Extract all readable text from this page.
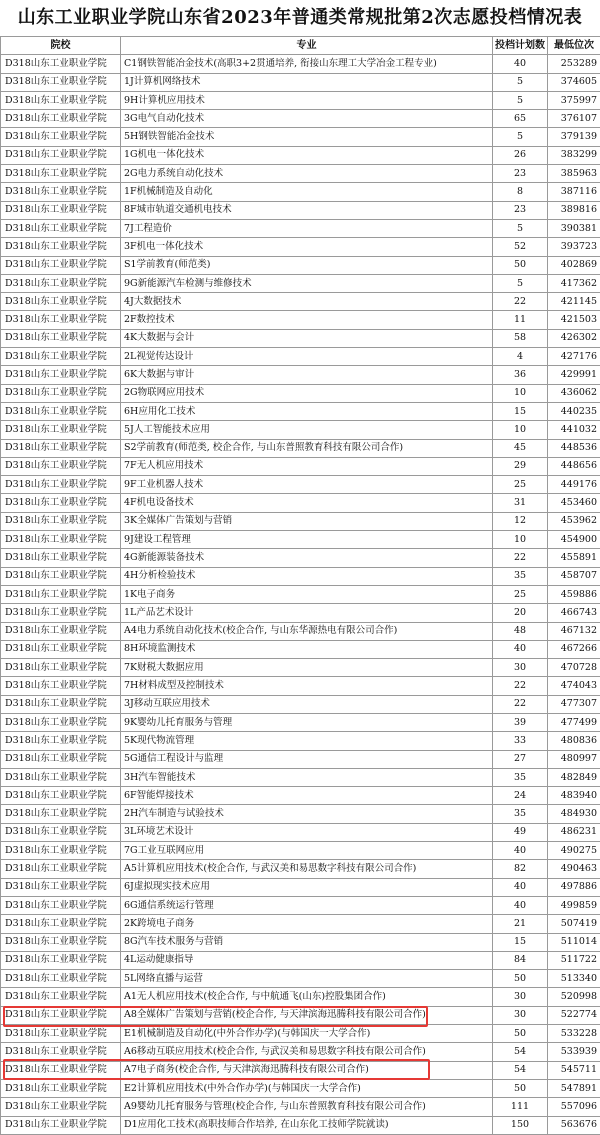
山东工业职业学院山东省2023年普通类常规批第2次志愿投档情况表
院校	专业	投档计划数	最低位次
D318山东工业职业学院	C1钢铁智能冶金技术(高职3+2贯通培养, 衔接山东理工大学冶金工程专业)	40	253289
D318山东工业职业学院	1J计算机网络技术	5	374605
D318山东工业职业学院	9H计算机应用技术	5	375997
D318山东工业职业学院	3G电气自动化技术	65	376107
D318山东工业职业学院	5H钢铁智能冶金技术	5	379139
D318山东工业职业学院	1G机电一体化技术	26	383299
D318山东工业职业学院	2G电力系统自动化技术	23	385963
D318山东工业职业学院	1F机械制造及自动化	8	387116
D318山东工业职业学院	8F城市轨道交通机电技术	23	389816
D318山东工业职业学院	7J工程造价	5	390381
D318山东工业职业学院	3F机电一体化技术	52	393723
D318山东工业职业学院	S1学前教育(师范类)	50	402869
D318山东工业职业学院	9G新能源汽车检测与维修技术	5	417362
D318山东工业职业学院	4J大数据技术	22	421145
D318山东工业职业学院	2F数控技术	11	421503
D318山东工业职业学院	4K大数据与会计	58	426302
D318山东工业职业学院	2L视觉传达设计	4	427176
D318山东工业职业学院	6K大数据与审计	36	429991
D318山东工业职业学院	2G物联网应用技术	10	436062
D318山东工业职业学院	6H应用化工技术	15	440235
D318山东工业职业学院	5J人工智能技术应用	10	441032
D318山东工业职业学院	S2学前教育(师范类, 校企合作, 与山东普照教育科技有限公司合作)	45	448536
D318山东工业职业学院	7F无人机应用技术	29	448656
D318山东工业职业学院	9F工业机器人技术	25	449176
D318山东工业职业学院	4F机电设备技术	31	453460
D318山东工业职业学院	3K全媒体广告策划与营销	12	453962
D318山东工业职业学院	9J建设工程管理	10	454900
D318山东工业职业学院	4G新能源装备技术	22	455891
D318山东工业职业学院	4H分析检验技术	35	458707
D318山东工业职业学院	1K电子商务	25	459886
D318山东工业职业学院	1L产品艺术设计	20	466743
D318山东工业职业学院	A4电力系统自动化技术(校企合作, 与山东华源热电有限公司合作)	48	467132
D318山东工业职业学院	8H环境监测技术	40	467266
D318山东工业职业学院	7K财税大数据应用	30	470728
D318山东工业职业学院	7H材料成型及控制技术	22	474043
D318山东工业职业学院	3J移动互联应用技术	22	477307
D318山东工业职业学院	9K婴幼儿托育服务与管理	39	477499
D318山东工业职业学院	5K现代物流管理	33	480836
D318山东工业职业学院	5G通信工程设计与监理	27	480997
D318山东工业职业学院	3H汽车智能技术	35	482849
D318山东工业职业学院	6F智能焊接技术	24	483940
D318山东工业职业学院	2H汽车制造与试验技术	35	484930
D318山东工业职业学院	3L环境艺术设计	49	486231
D318山东工业职业学院	7G工业互联网应用	40	490275
D318山东工业职业学院	A5计算机应用技术(校企合作, 与武汉美和易思数字科技有限公司合作)	82	490463
D318山东工业职业学院	6J虚拟现实技术应用	40	497886
D318山东工业职业学院	6G通信系统运行管理	40	499859
D318山东工业职业学院	2K跨境电子商务	21	507419
D318山东工业职业学院	8G汽车技术服务与营销	15	511014
D318山东工业职业学院	4L运动健康指导	84	511722
D318山东工业职业学院	5L网络直播与运营	50	513340
D318山东工业职业学院	A1无人机应用技术(校企合作, 与中航通飞(山东)控股集团合作)	30	520998
D318山东工业职业学院	A8全媒体广告策划与营销(校企合作, 与天津滨海迅腾科技有限公司合作)	30	522774
D318山东工业职业学院	E1机械制造及自动化(中外合作办学)(与韩国庆一大学合作)	50	533228
D318山东工业职业学院	A6移动互联应用技术(校企合作, 与武汉美和易思数字科技有限公司合作)	54	533939
D318山东工业职业学院	A7电子商务(校企合作, 与天津滨海迅腾科技有限公司合作)	54	545711
D318山东工业职业学院	E2计算机应用技术(中外合作办学)(与韩国庆一大学合作)	50	547891
D318山东工业职业学院	A9婴幼儿托育服务与管理(校企合作, 与山东普照教育科技有限公司合作)	111	557096
D318山东工业职业学院	D1应用化工技术(高职技师合作培养, 在山东化工技师学院就读)	150	563676
